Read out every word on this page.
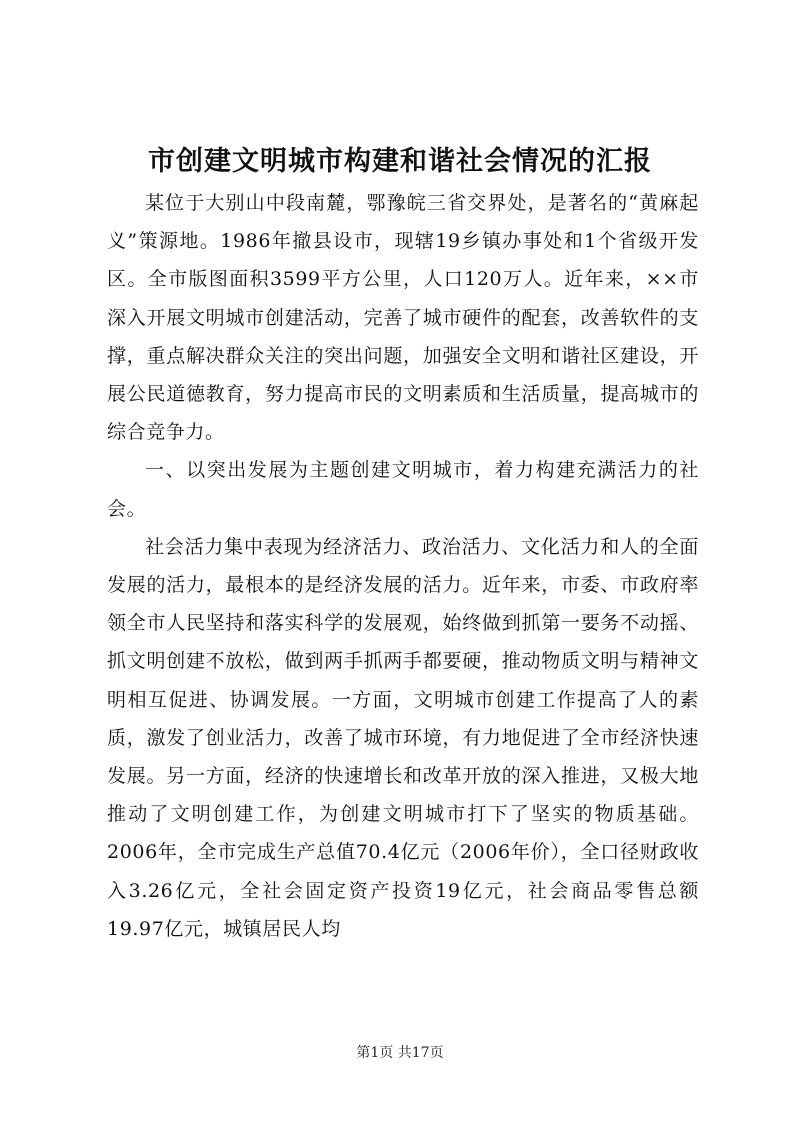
市创建文明城市构建和谐社会情况的汇报

某位于大别山中段南麓，鄂豫皖三省交界处，是著名的“黄麻起义”策源地。1986年撤县设市，现辖19乡镇办事处和1个省级开发区。全市版图面积3599平方公里，人口120万人。近年来，××市深入开展文明城市创建活动，完善了城市硬件的配套，改善软件的支撑，重点解决群众关注的突出问题，加强安全文明和谐社区建设，开展公民道德教育，努力提高市民的文明素质和生活质量，提高城市的综合竞争力。

一、以突出发展为主题创建文明城市，着力构建充满活力的社会。

社会活力集中表现为经济活力、政治活力、文化活力和人的全面发展的活力，最根本的是经济发展的活力。近年来，市委、市政府率领全市人民坚持和落实科学的发展观，始终做到抓第一要务不动摇、抓文明创建不放松，做到两手抓两手都要硬，推动物质文明与精神文明相互促进、协调发展。一方面，文明城市创建工作提高了人的素质，激发了创业活力，改善了城市环境，有力地促进了全市经济快速发展。另一方面，经济的快速增长和改革开放的深入推进，又极大地推动了文明创建工作，为创建文明城市打下了坚实的物质基础。2006年，全市完成生产总值70.4亿元（2006年价），全口径财政收入3.26亿元，全社会固定资产投资19亿元，社会商品零售总额19.97亿元，城镇居民人均

第1页 共17页
